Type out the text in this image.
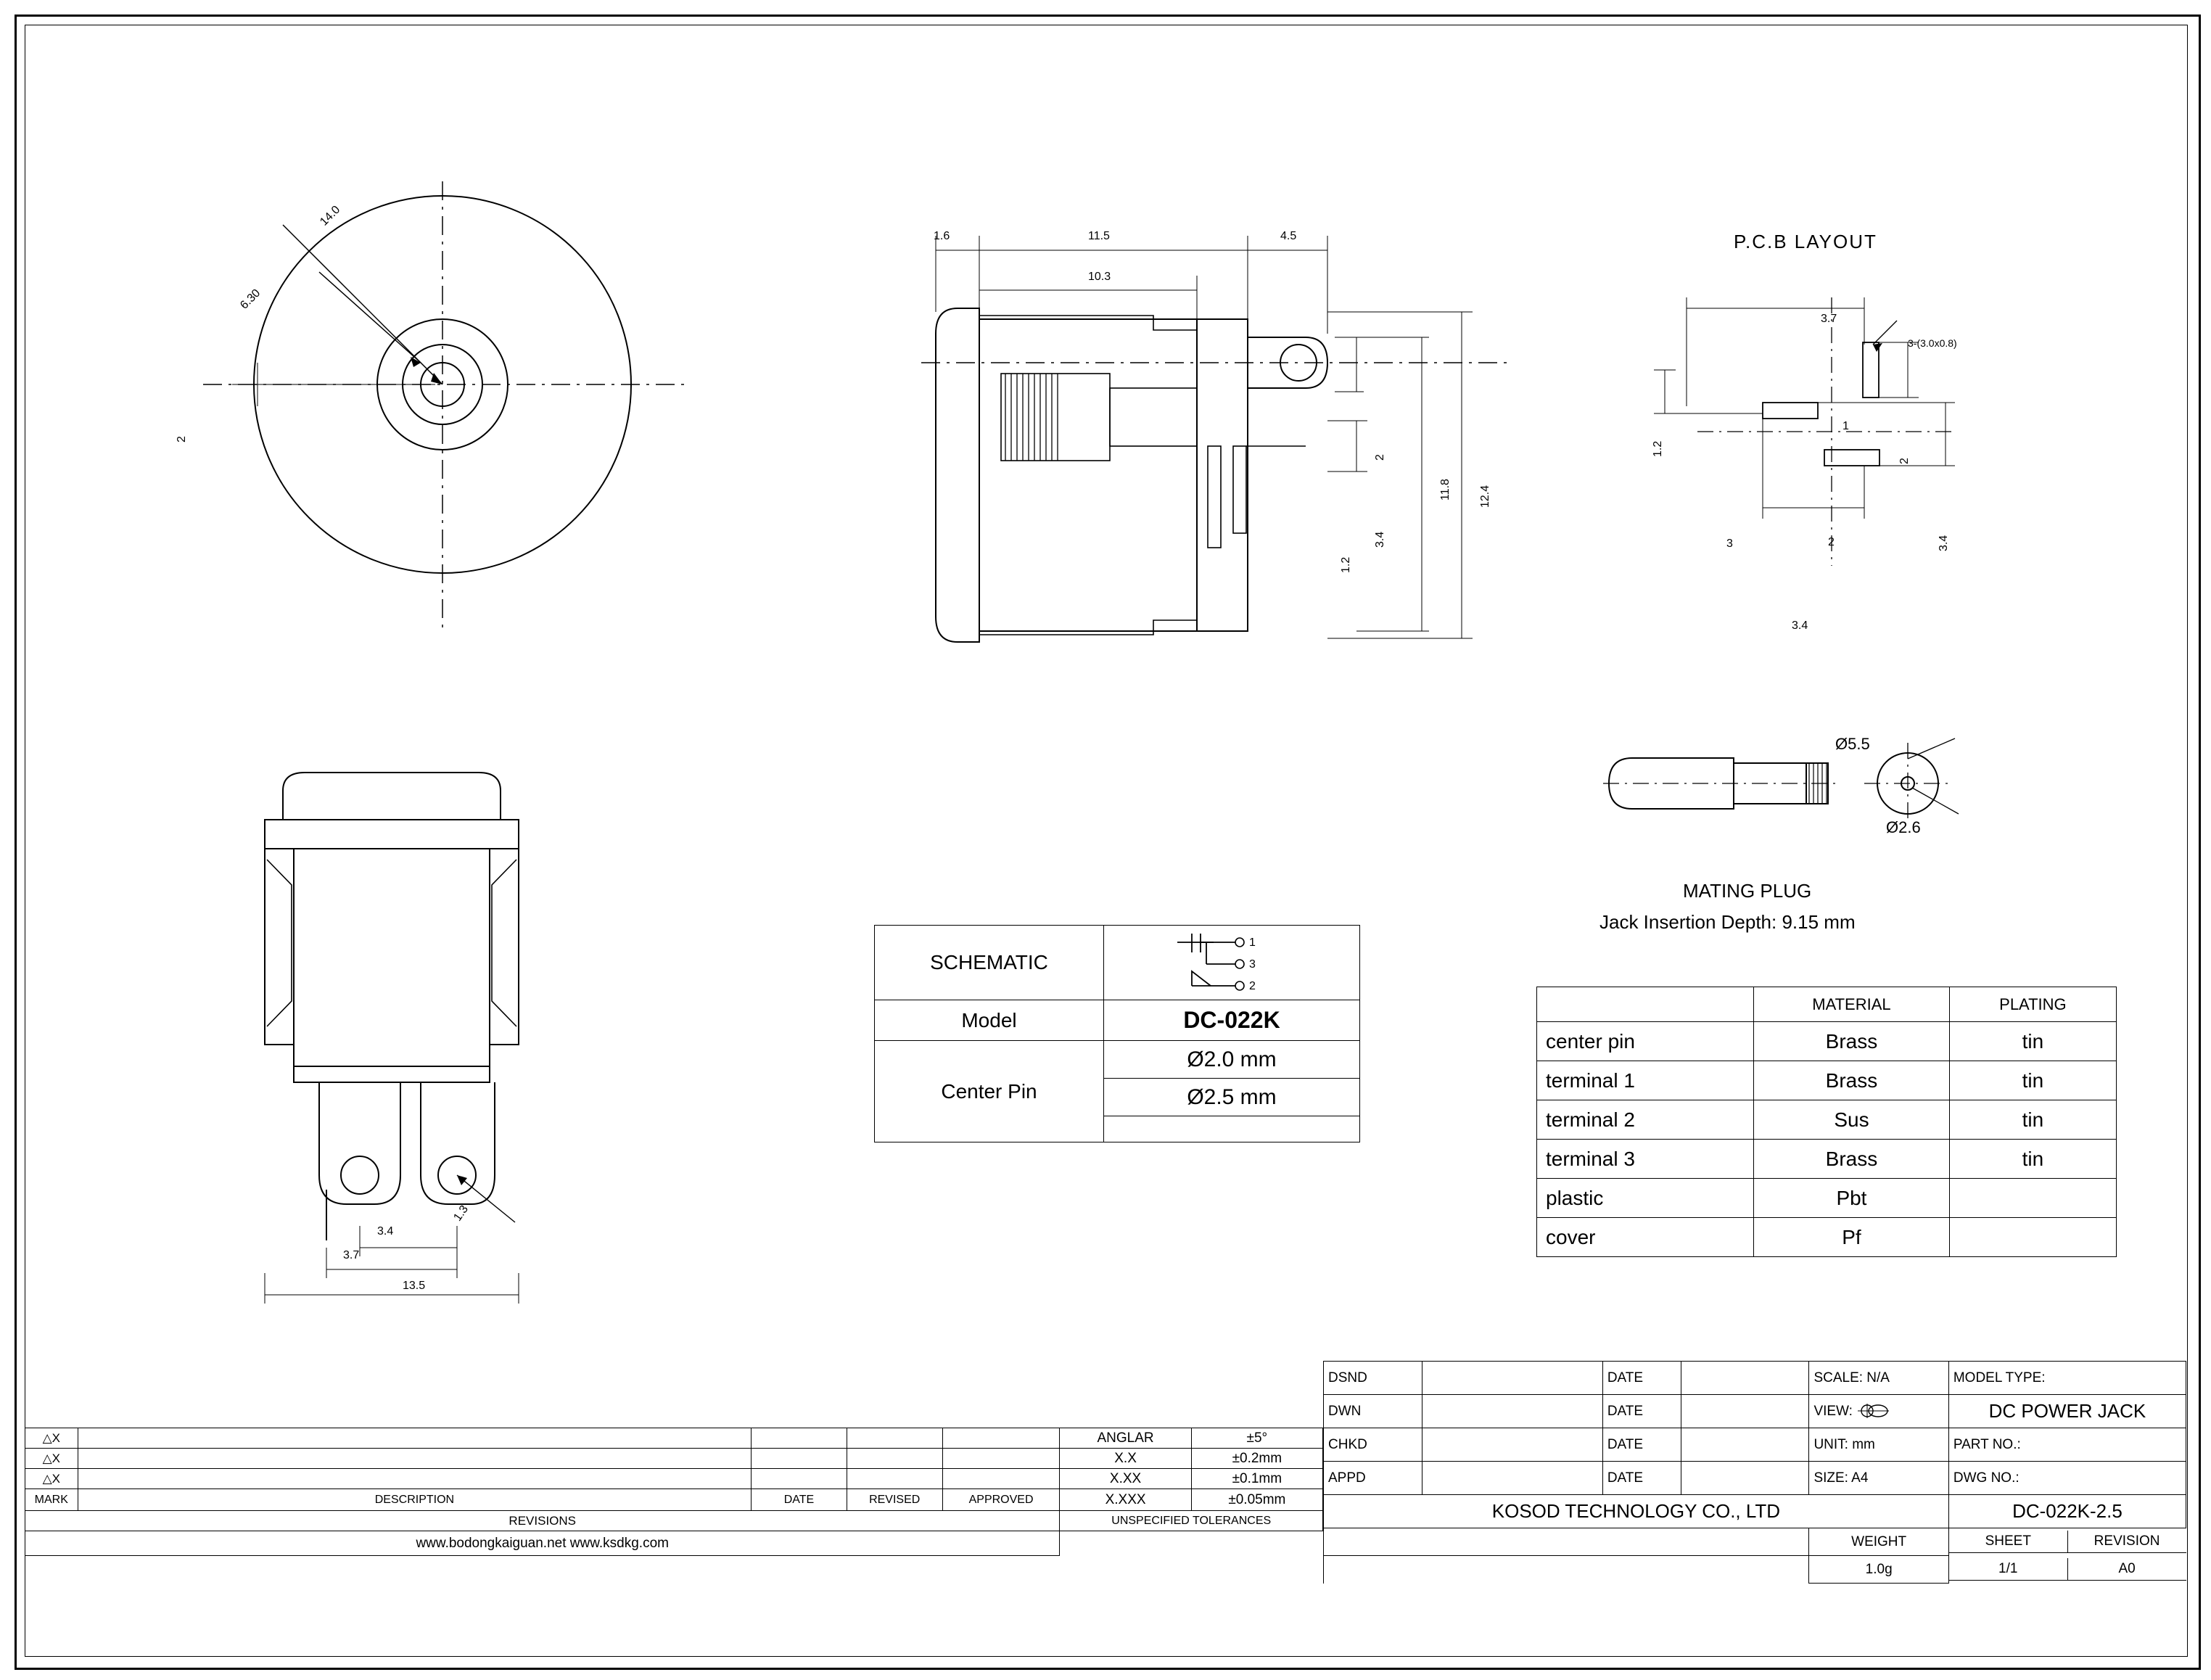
14.0
6.30
2
3.4
3.7
1.3
13.5
1.6	11.5	4.5
10.3
12.4
11.8
2
3.4
1.2
P.C.B LAYOUT
3.7
3-(3.0x0.8)
1.2
2
3.4
3.4
1
2
3
Ø5.5
Ø2.6
MATING PLUG
Jack Insertion Depth: 9.15 mm
SCHEMATIC	1
3
2

Model	DC-022K
Center Pin	Ø2.0 mm
	Ø2.5 mm

	MATERIAL	PLATING
center pin	Brass	tin
terminal 1	Brass	tin
terminal 2	Sus	tin
terminal 3	Brass	tin
plastic	Pbt	
cover	Pf	
△X					ANGLAR	±5°
△X					X.X	±0.2mm
△X					X.XX	±0.1mm
MARK	DESCRIPTION	DATE	REVISED	APPROVED	X.XXX	±0.05mm
REVISIONS					UNSPECIFIED TOLERANCES	
www.bodongkaiguan.net www.ksdkg.com						
DSND		DATE		SCALE: N/A	MODEL TYPE:
DWN		DATE		VIEW:	DC POWER JACK
CHKD		DATE		UNIT: mm	PART NO.:
APPD		DATE		SIZE: A4	DWG NO.:
KOSOD TECHNOLOGY CO., LTD	DC-022K-2.5
	WEIGHT		SHEET	REVISION

	1.0g		1/1	A0
